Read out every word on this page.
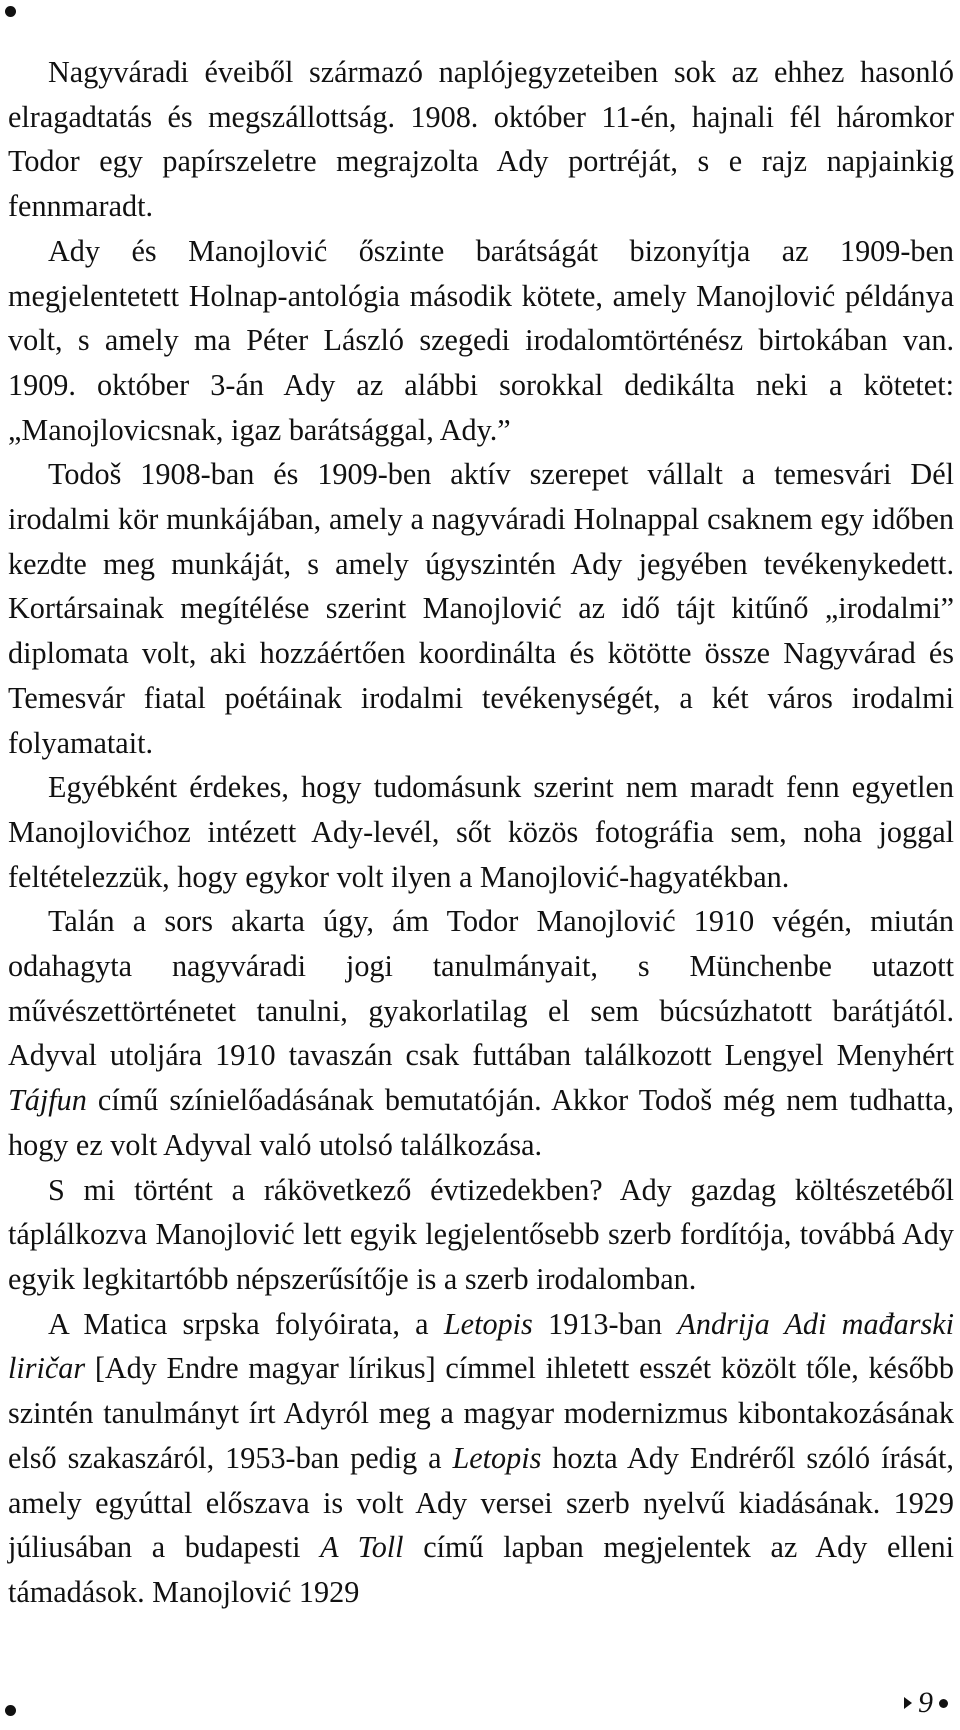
Nagyváradi éveiből származó naplójegyzeteiben sok az ehhez hasonló elragadtatás és megszállottság. 1908. október 11-én, hajnali fél háromkor Todor egy papírszeletre megrajzolta Ady portréját, s e rajz napjainkig fennmaradt.

Ady és Manojlović őszinte barátságát bizonyítja az 1909-ben megjelentetett Holnap-antológia második kötete, amely Manojlović példánya volt, s amely ma Péter László szegedi irodalomtörténész birtokában van. 1909. október 3-án Ady az alábbi sorokkal dedikálta neki a kötetet: „Manojlovicsnak, igaz barátsággal, Ady.”

Todoš 1908-ban és 1909-ben aktív szerepet vállalt a temesvári Dél irodalmi kör munkájában, amely a nagyváradi Holnappal csaknem egy időben kezdte meg munkáját, s amely úgyszintén Ady jegyében tevékenykedett. Kortársainak megítélése szerint Manojlović az idő tájt kitűnő „irodalmi” diplomata volt, aki hozzáértően koordinálta és kötötte össze Nagyvárad és Temesvár fiatal poétáinak irodalmi tevékenységét, a két város irodalmi folyamatait.

Egyébként érdekes, hogy tudomásunk szerint nem maradt fenn egyetlen Manojlovićhoz intézett Ady-levél, sőt közös fotográfia sem, noha joggal feltételezzük, hogy egykor volt ilyen a Manojlović-hagyatékban.

Talán a sors akarta úgy, ám Todor Manojlović 1910 végén, miután odahagyta nagyváradi jogi tanulmányait, s Münchenbe utazott művészettörténetet tanulni, gyakorlatilag el sem búcsúzhatott barátjától. Adyval utoljára 1910 tavaszán csak futtában találkozott Lengyel Menyhért Tájfun című színielőadásának bemutatóján. Akkor Todoš még nem tudhatta, hogy ez volt Adyval való utolsó találkozása.

S mi történt a rákövetkező évtizedekben? Ady gazdag költészetéből táplálkozva Manojlović lett egyik legjelentősebb szerb fordítója, továbbá Ady egyik legkitartóbb népszerűsítője is a szerb irodalomban.

A Matica srpska folyóirata, a Letopis 1913-ban Andrija Adi mađarski liričar [Ady Endre magyar lírikus] címmel ihletett esszét közölt tőle, később szintén tanulmányt írt Adyról meg a magyar modernizmus kibontakozásának első szakaszáról, 1953-ban pedig a Letopis hozta Ady Endréről szóló írását, amely egyúttal előszava is volt Ady versei szerb nyelvű kiadásának. 1929 júliusában a budapesti A Toll című lapban megjelentek az Ady elleni támadások. Manojlović 1929

9
